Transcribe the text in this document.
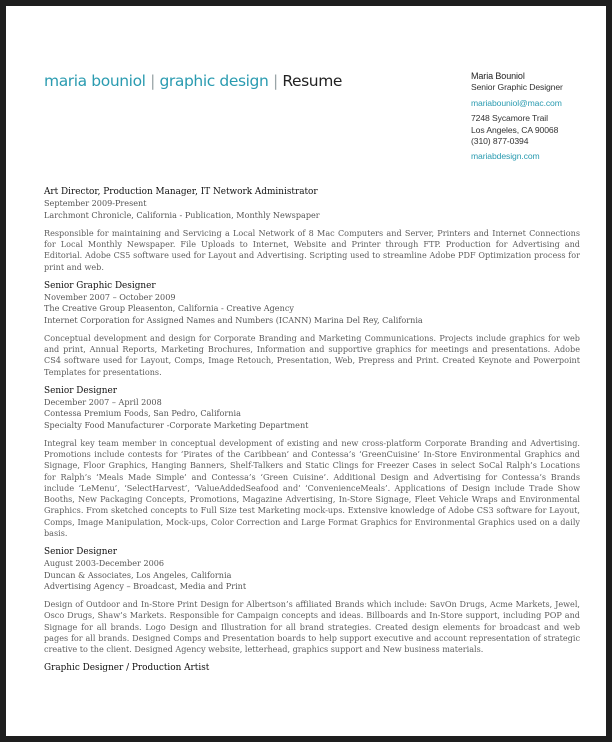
maria bouniol | graphic design | Resume	Maria Bouniol
Senior Graphic Designer
mariabouniol@mac.com
7248 Sycamore Trail
Los Angeles, CA 90068
(310) 877-0394
mariabdesign.com
Art Director, Production Manager, IT Network Administrator
September 2009-Present
Larchmont Chronicle, California - Publication, Monthly Newspaper
Responsible for maintaining and Servicing a Local Network of 8 Mac Computers and Server, Printers and Internet Connections for Local Monthly Newspaper. File Uploads to Internet, Website and Printer through FTP. Production for Advertising and Editorial. Adobe CS5 software used for Layout and Advertising. Scripting used to streamline Adobe PDF Optimization process for print and web.
Senior Graphic Designer
November 2007 – October 2009
The Creative Group Pleasenton, California - Creative Agency
Internet Corporation for Assigned Names and Numbers (ICANN) Marina Del Rey, California
Conceptual development and design for Corporate Branding and Marketing Communications. Projects include graphics for web and print, Annual Reports, Marketing Brochures, Information and supportive graphics for meetings and presentations. Adobe CS4 software used for Layout, Comps, Image Retouch, Presentation, Web, Prepress and Print. Created Keynote and Powerpoint Templates for presentations.
Senior Designer
December 2007 – April 2008
Contessa Premium Foods, San Pedro, California
Specialty Food Manufacturer -Corporate Marketing Department
Integral key team member in conceptual development of existing and new cross-platform Corporate Branding and Advertising. Promotions include contests for ‘Pirates of the Caribbean’ and Contessa’s ‘GreenCuisine’ In-Store Environmental Graphics and Signage, Floor Graphics, Hanging Banners, Shelf-Talkers and Static Clings for Freezer Cases in select SoCal Ralph’s Locations for Ralph’s ‘Meals Made Simple’ and Contessa’s ‘Green Cuisine’. Additional Design and Advertising for Contessa’s Brands include ‘LeMenu’, ‘SelectHarvest’, ‘ValueAddedSeafood and’ ‘ConvenienceMeals’. Applications of Design include Trade Show Booths, New Packaging Concepts, Promotions, Magazine Advertising, In-Store Signage, Fleet Vehicle Wraps and Environmental Graphics. From sketched concepts to Full Size test Marketing mock-ups. Extensive knowledge of Adobe CS3 software for Layout, Comps, Image Manipulation, Mock-ups, Color Correction and Large Format Graphics for Environmental Graphics used on a daily basis.
Senior Designer
August 2003-December 2006
Duncan & Associates, Los Angeles, California
Advertising Agency – Broadcast, Media and Print
Design of Outdoor and In-Store Print Design for Albertson’s affiliated Brands which include: SavOn Drugs, Acme Markets, Jewel, Osco Drugs, Shaw’s Markets. Responsible for Campaign concepts and ideas. Billboards and In-Store support, including POP and Signage for all brands. Logo Design and Illustration for all brand strategies. Created design elements for broadcast and web pages for all brands. Designed Comps and Presentation boards to help support executive and account representation of strategic creative to the client. Designed Agency website, letterhead, graphics support and New business materials.
Graphic Designer / Production Artist
